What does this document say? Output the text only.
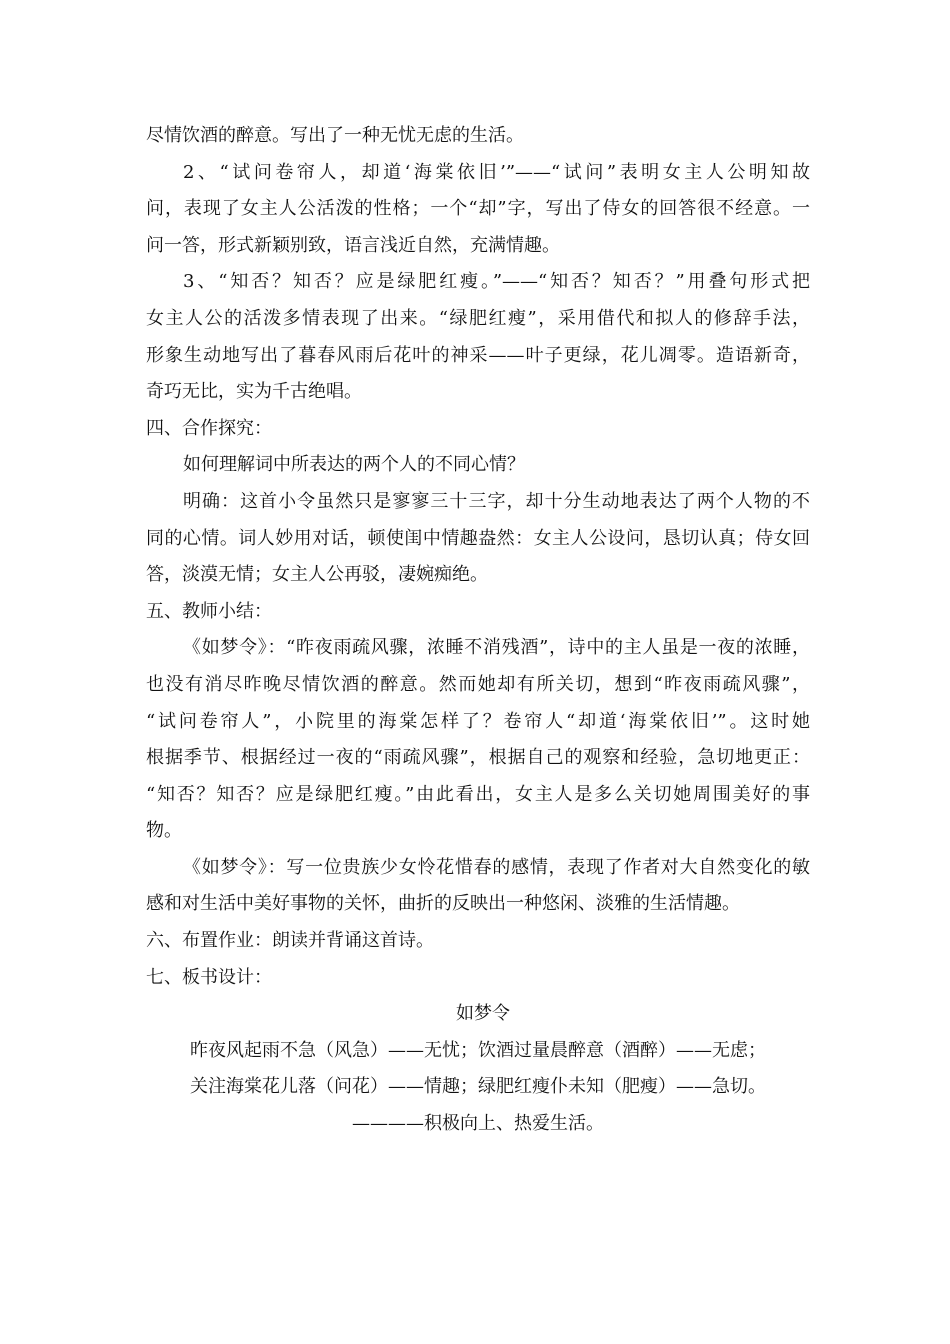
尽情饮酒的醉意。写出了一种无忧无虑的生活。
2、“试问卷帘人，却道‘海棠依旧’”——“试问”表明女主人公明知故
问，表现了女主人公活泼的性格；一个“却”字，写出了侍女的回答很不经意。一
问一答，形式新颖别致，语言浅近自然，充满情趣。
3、“知否？知否？应是绿肥红瘦。”——“知否？知否？”用叠句形式把
女主人公的活泼多情表现了出来。“绿肥红瘦”，采用借代和拟人的修辞手法，
形象生动地写出了暮春风雨后花叶的神采——叶子更绿，花儿凋零。造语新奇，
奇巧无比，实为千古绝唱。
四、合作探究：
如何理解词中所表达的两个人的不同心情？
明确：这首小令虽然只是寥寥三十三字，却十分生动地表达了两个人物的不
同的心情。词人妙用对话，顿使闺中情趣盎然：女主人公设问，恳切认真；侍女回
答，淡漠无情；女主人公再驳，凄婉痴绝。
五、教师小结：
《如梦令》：“昨夜雨疏风骤，浓睡不消残酒”，诗中的主人虽是一夜的浓睡，
也没有消尽昨晚尽情饮酒的醉意。然而她却有所关切，想到“昨夜雨疏风骤”，
“试问卷帘人”，小院里的海棠怎样了？卷帘人“却道‘海棠依旧’”。这时她
根据季节、根据经过一夜的“雨疏风骤”，根据自己的观察和经验，急切地更正：
“知否？知否？应是绿肥红瘦。”由此看出，女主人是多么关切她周围美好的事
物。
《如梦令》：写一位贵族少女怜花惜春的感情，表现了作者对大自然变化的敏
感和对生活中美好事物的关怀，曲折的反映出一种悠闲、淡雅的生活情趣。
六、布置作业：朗读并背诵这首诗。
七、板书设计：
如梦令
昨夜风起雨不急（风急）——无忧；饮酒过量晨醉意（酒醉）——无虑；
关注海棠花儿落（问花）——情趣；绿肥红瘦仆未知（肥瘦）——急切。
————积极向上、热爱生活。
